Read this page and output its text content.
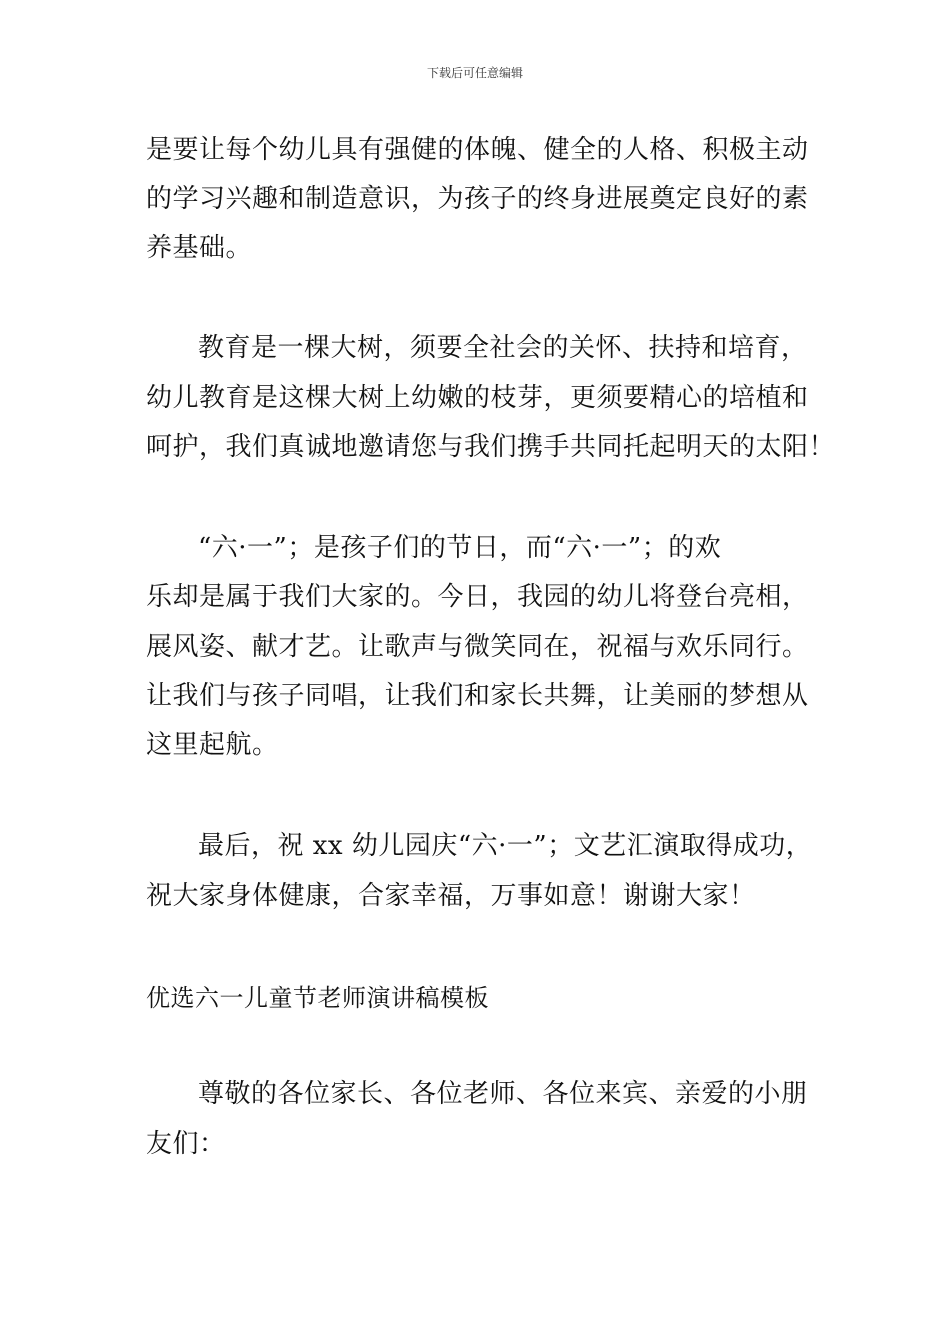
下载后可任意编辑
是要让每个幼儿具有强健的体魄、健全的人格、积极主动
的学习兴趣和制造意识，为孩子的终身进展奠定良好的素
养基础。
教育是一棵大树，须要全社会的关怀、扶持和培育，
幼儿教育是这棵大树上幼嫩的枝芽，更须要精心的培植和
呵护，我们真诚地邀请您与我们携手共同托起明天的太阳！
“六·一”；是孩子们的节日，而“六·一”；的欢
乐却是属于我们大家的。今日，我园的幼儿将登台亮相，
展风姿、献才艺。让歌声与微笑同在，祝福与欢乐同行。
让我们与孩子同唱，让我们和家长共舞，让美丽的梦想从
这里起航。
最后，祝 xx 幼儿园庆“六·一”；文艺汇演取得成功，
祝大家身体健康，合家幸福，万事如意！谢谢大家！
优选六一儿童节老师演讲稿模板
尊敬的各位家长、各位老师、各位来宾、亲爱的小朋
友们：
